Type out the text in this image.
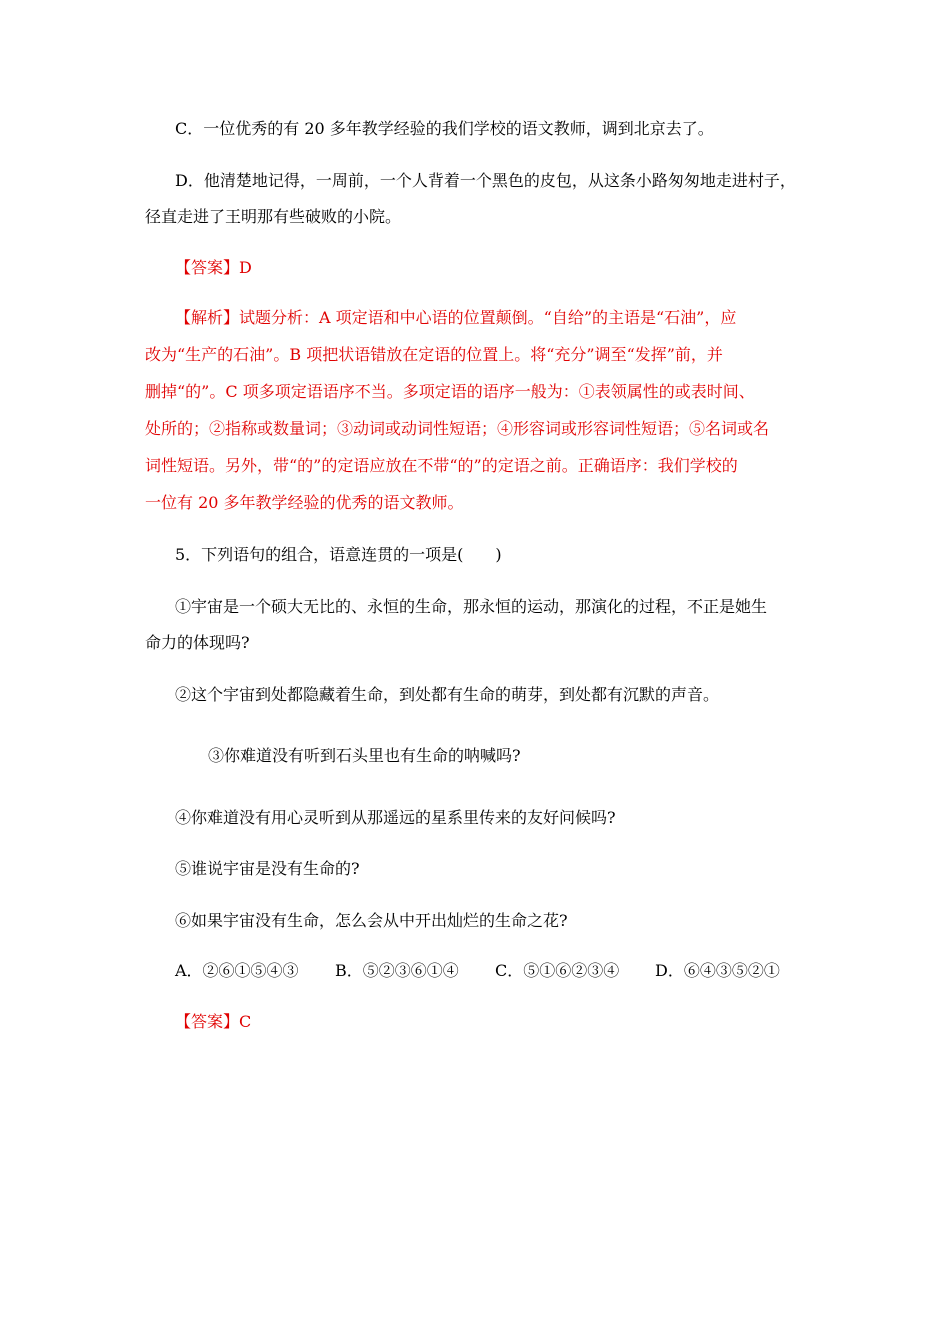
C．一位优秀的有 20 多年教学经验的我们学校的语文教师，调到北京去了。
D．他清楚地记得，一周前，一个人背着一个黑色的皮包，从这条小路匆匆地走进村子，
径直走进了王明那有些破败的小院。
【答案】D
【解析】试题分析：A 项定语和中心语的位置颠倒。“自给”的主语是“石油”，应
改为“生产的石油”。B 项把状语错放在定语的位置上。将“充分”调至“发挥”前，并
删掉“的”。C 项多项定语语序不当。多项定语的语序一般为：①表领属性的或表时间、
处所的；②指称或数量词；③动词或动词性短语；④形容词或形容词性短语；⑤名词或名
词性短语。另外，带“的”的定语应放在不带“的”的定语之前。正确语序：我们学校的
一位有 20 多年教学经验的优秀的语文教师。
5．下列语句的组合，语意连贯的一项是(　　)
①宇宙是一个硕大无比的、永恒的生命，那永恒的运动，那演化的过程，不正是她生
命力的体现吗?
②这个宇宙到处都隐藏着生命，到处都有生命的萌芽，到处都有沉默的声音。
③你难道没有听到石头里也有生命的呐喊吗?
④你难道没有用心灵听到从那遥远的星系里传来的友好问候吗?
⑤谁说宇宙是没有生命的?
⑥如果宇宙没有生命，怎么会从中开出灿烂的生命之花?
A．②⑥①⑤④③ B．⑤②③⑥①④ C．⑤①⑥②③④ D．⑥④③⑤②①
【答案】C
